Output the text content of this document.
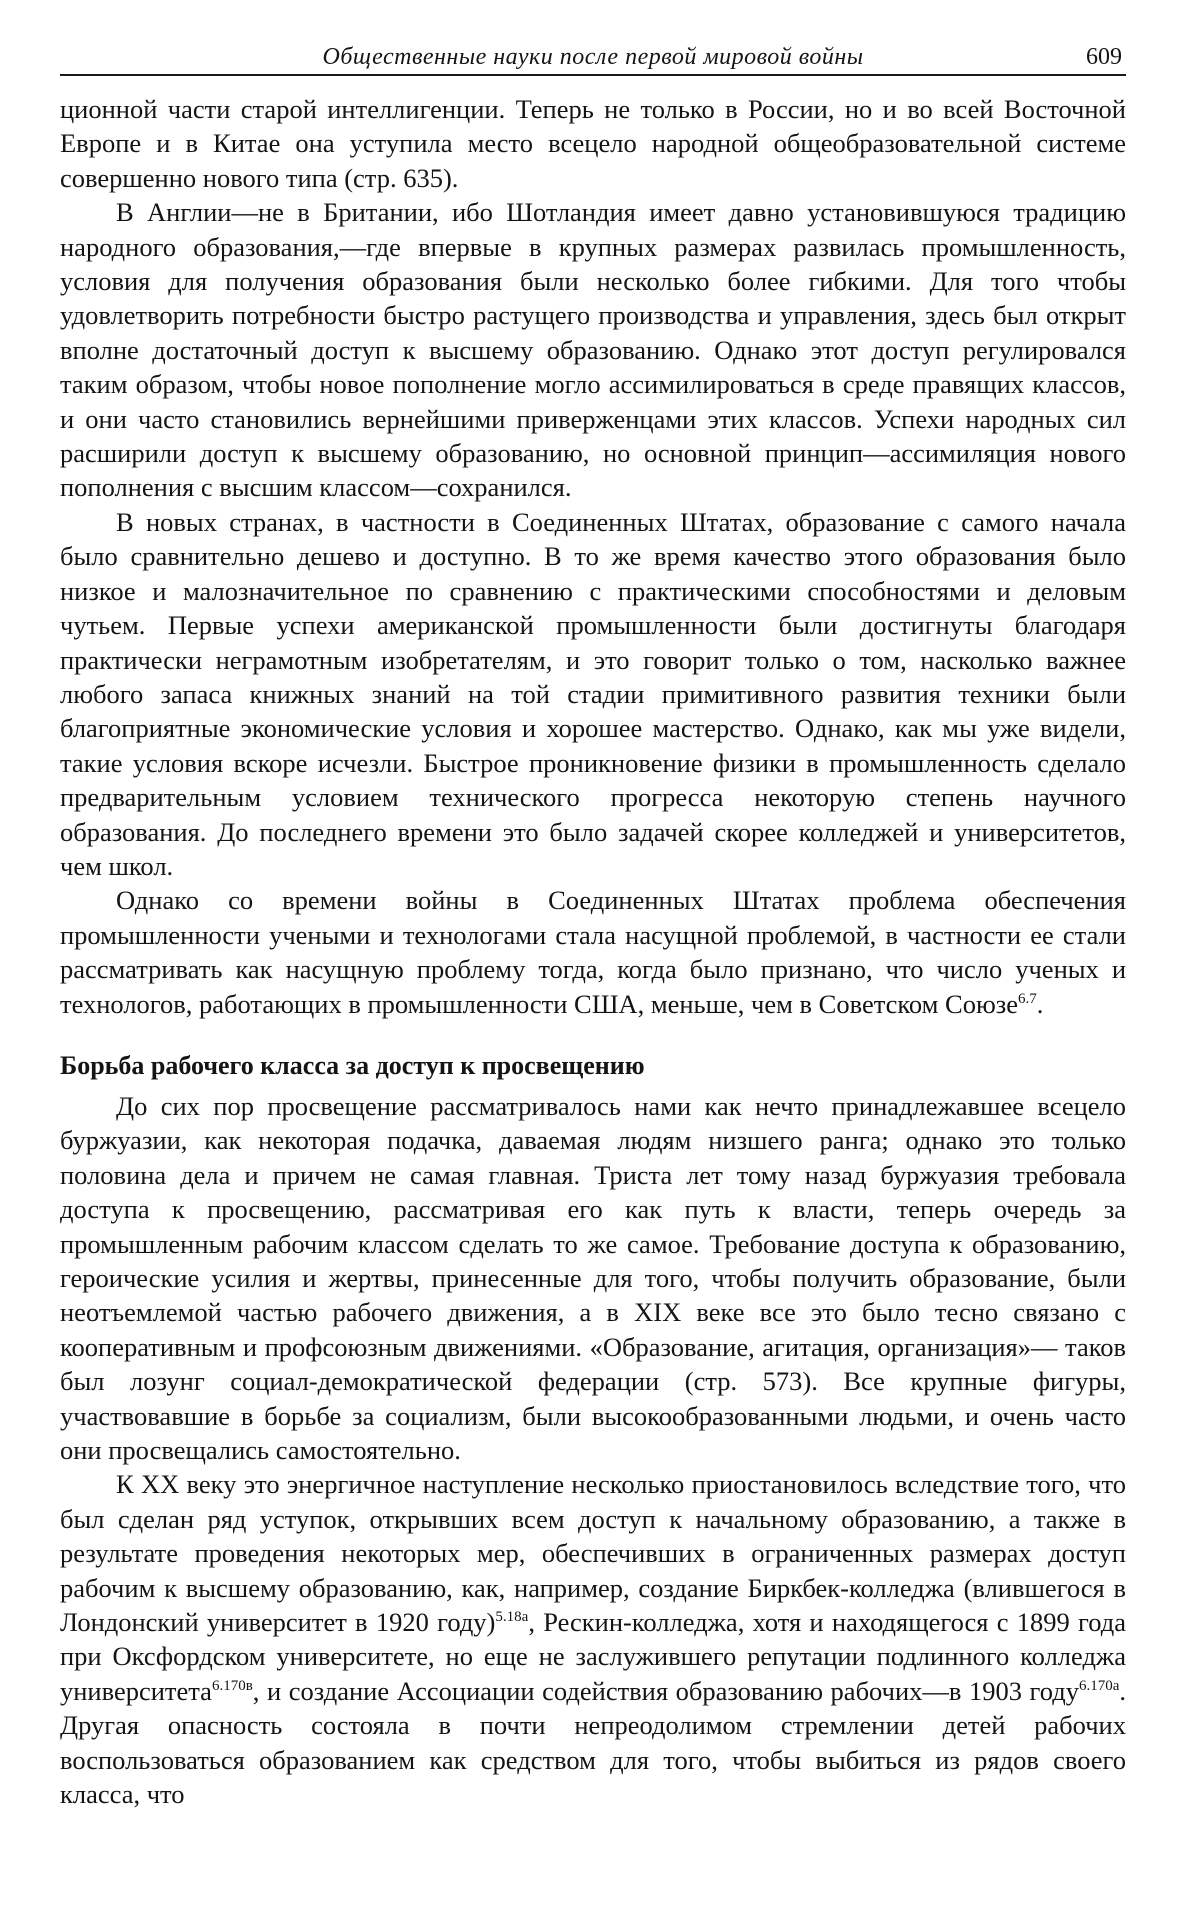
Общественные науки после первой мировой войны	609

ционной части старой интеллигенции. Теперь не только в России, но и во всей Восточной Европе и в Китае она уступила место всецело народной общеобразовательной системе совершенно нового типа (стр. 635).

В Англии—не в Британии, ибо Шотландия имеет давно установившуюся традицию народного образования,—где впервые в крупных размерах развилась промышленность, условия для получения образования были несколько более гибкими. Для того чтобы удовлетворить потребности быстро растущего производства и управления, здесь был открыт вполне достаточный доступ к высшему образованию. Однако этот доступ регулировался таким образом, чтобы новое пополнение могло ассимилироваться в среде правящих классов, и они часто становились вернейшими приверженцами этих классов. Успехи народных сил расширили доступ к высшему образованию, но основной принцип—ассимиляция нового пополнения с высшим классом—сохранился.

В новых странах, в частности в Соединенных Штатах, образование с самого начала было сравнительно дешево и доступно. В то же время качество этого образования было низкое и малозначительное по сравнению с практическими способностями и деловым чутьем. Первые успехи американской промышленности были достигнуты благодаря практически неграмотным изобретателям, и это говорит только о том, насколько важнее любого запаса книжных знаний на той стадии примитивного развития техники были благоприятные экономические условия и хорошее мастерство. Однако, как мы уже видели, такие условия вскоре исчезли. Быстрое проникновение физики в промышленность сделало предварительным условием технического прогресса некоторую степень научного образования. До последнего времени это было задачей скорее колледжей и университетов, чем школ.

Однако со времени войны в Соединенных Штатах проблема обеспечения промышленности учеными и технологами стала насущной проблемой, в частности ее стали рассматривать как насущную проблему тогда, когда было признано, что число ученых и технологов, работающих в промышленности США, меньше, чем в Советском Союзе$^{6.7}$.

Борьба рабочего класса за доступ к просвещению

До сих пор просвещение рассматривалось нами как нечто принадлежавшее всецело буржуазии, как некоторая подачка, даваемая людям низшего ранга; однако это только половина дела и причем не самая главная. Триста лет тому назад буржуазия требовала доступа к просвещению, рассматривая его как путь к власти, теперь очередь за промышленным рабочим классом сделать то же самое. Требование доступа к образованию, героические усилия и жертвы, принесенные для того, чтобы получить образование, были неотъемлемой частью рабочего движения, а в XIX веке все это было тесно связано с кооперативным и профсоюзным движениями. «Образование, агитация, организация»— таков был лозунг социал-демократической федерации (стр. 573). Все крупные фигуры, участвовавшие в борьбе за социализм, были высокообразованными людьми, и очень часто они просвещались самостоятельно.

К XX веку это энергичное наступление несколько приостановилось вследствие того, что был сделан ряд уступок, открывших всем доступ к начальному образованию, а также в результате проведения некоторых мер, обеспечивших в ограниченных размерах доступ рабочим к высшему образованию, как, например, создание Биркбек-колледжа (влившегося в Лондонский университет в 1920 году)$^{5.18а}$, Рескин-колледжа, хотя и находящегося с 1899 года при Оксфордском университете, но еще не заслужившего репутации подлинного колледжа университета$^{6.170в}$, и создание Ассоциации содействия образованию рабочих—в 1903 году$^{6.170а}$. Другая опасность состояла в почти непреодолимом стремлении детей рабочих воспользоваться образованием как средством для того, чтобы выбиться из рядов своего класса, что
